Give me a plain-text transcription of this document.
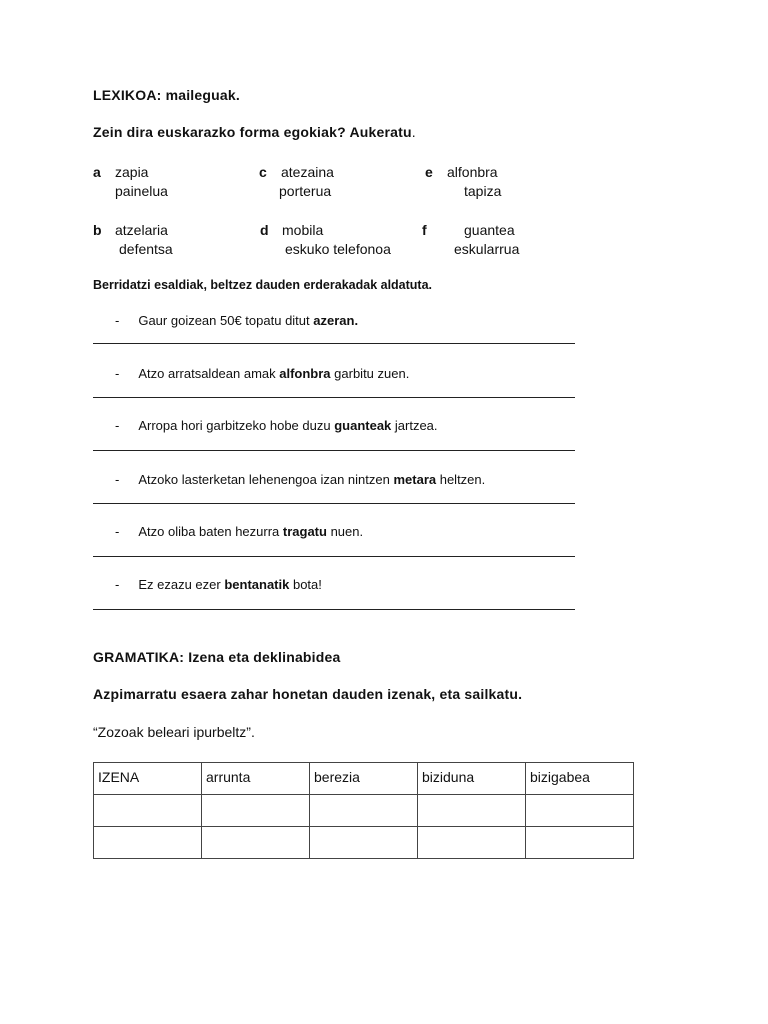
LEXIKOA: maileguak.
Zein dira euskarazko forma egokiak? Aukeratu.
a zapia
painelua
c atezaina
porterua
e alfonbra
tapiza
b atzelaria
defentsa
d mobila
eskuko telefonoa
f	guantea
eskularrua
Berridatzi esaldiak, beltzez dauden erderakadak aldatuta.
- Gaur goizean 50€ topatu ditut azeran.
- Atzo arratsaldean amak alfonbra garbitu zuen.
- Arropa hori garbitzeko hobe duzu guanteak jartzea.
- Atzoko lasterketan lehenengoa izan nintzen metara heltzen.
- Atzo oliba baten hezurra tragatu nuen.
- Ez ezazu ezer bentanatik bota!
GRAMATIKA: Izena eta deklinabidea
Azpimarratu esaera zahar honetan dauden izenak, eta sailkatu.
“Zozoak beleari ipurbeltz”.
IZENA	arrunta	berezia	biziduna	bizigabea
